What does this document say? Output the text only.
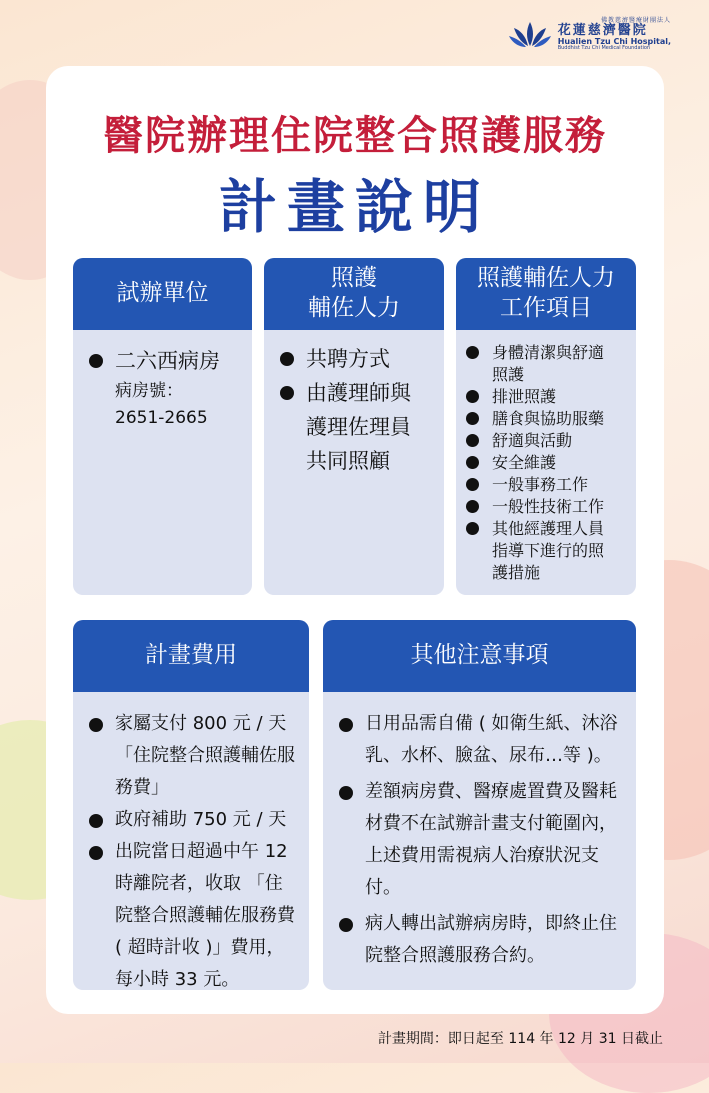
佛教慈濟醫療財團法人
花蓮慈濟醫院
Hualien Tzu Chi Hospital,
Buddhist Tzu Chi Medical Foundation
醫院辦理住院整合照護服務
計畫說明
試辦單位
二六西病房
病房號：
2651-2665
照護
輔佐人力
共聘方式
由護理師與護理佐理員共同照顧
照護輔佐人力
工作項目
身體清潔與舒適照護
排泄照護
膳食與協助服藥
舒適與活動
安全維護
一般事務工作
一般性技術工作
其他經護理人員指導下進行的照護措施
計畫費用
家屬支付 800 元 / 天「住院整合照護輔佐服務費」
政府補助 750 元 / 天
出院當日超過中午 12 時離院者，收取 「住院整合照護輔佐服務費 ( 超時計收 )」費用，每小時 33 元。
其他注意事項
日用品需自備 ( 如衛生紙、沐浴乳、水杯、臉盆、尿布…等 )。
差額病房費、醫療處置費及醫耗材費不在試辦計畫支付範圍內，上述費用需視病人治療狀況支付。
病人轉出試辦病房時，即終止住院整合照護服務合約。
計畫期間：即日起至 114 年 12 月 31 日截止
